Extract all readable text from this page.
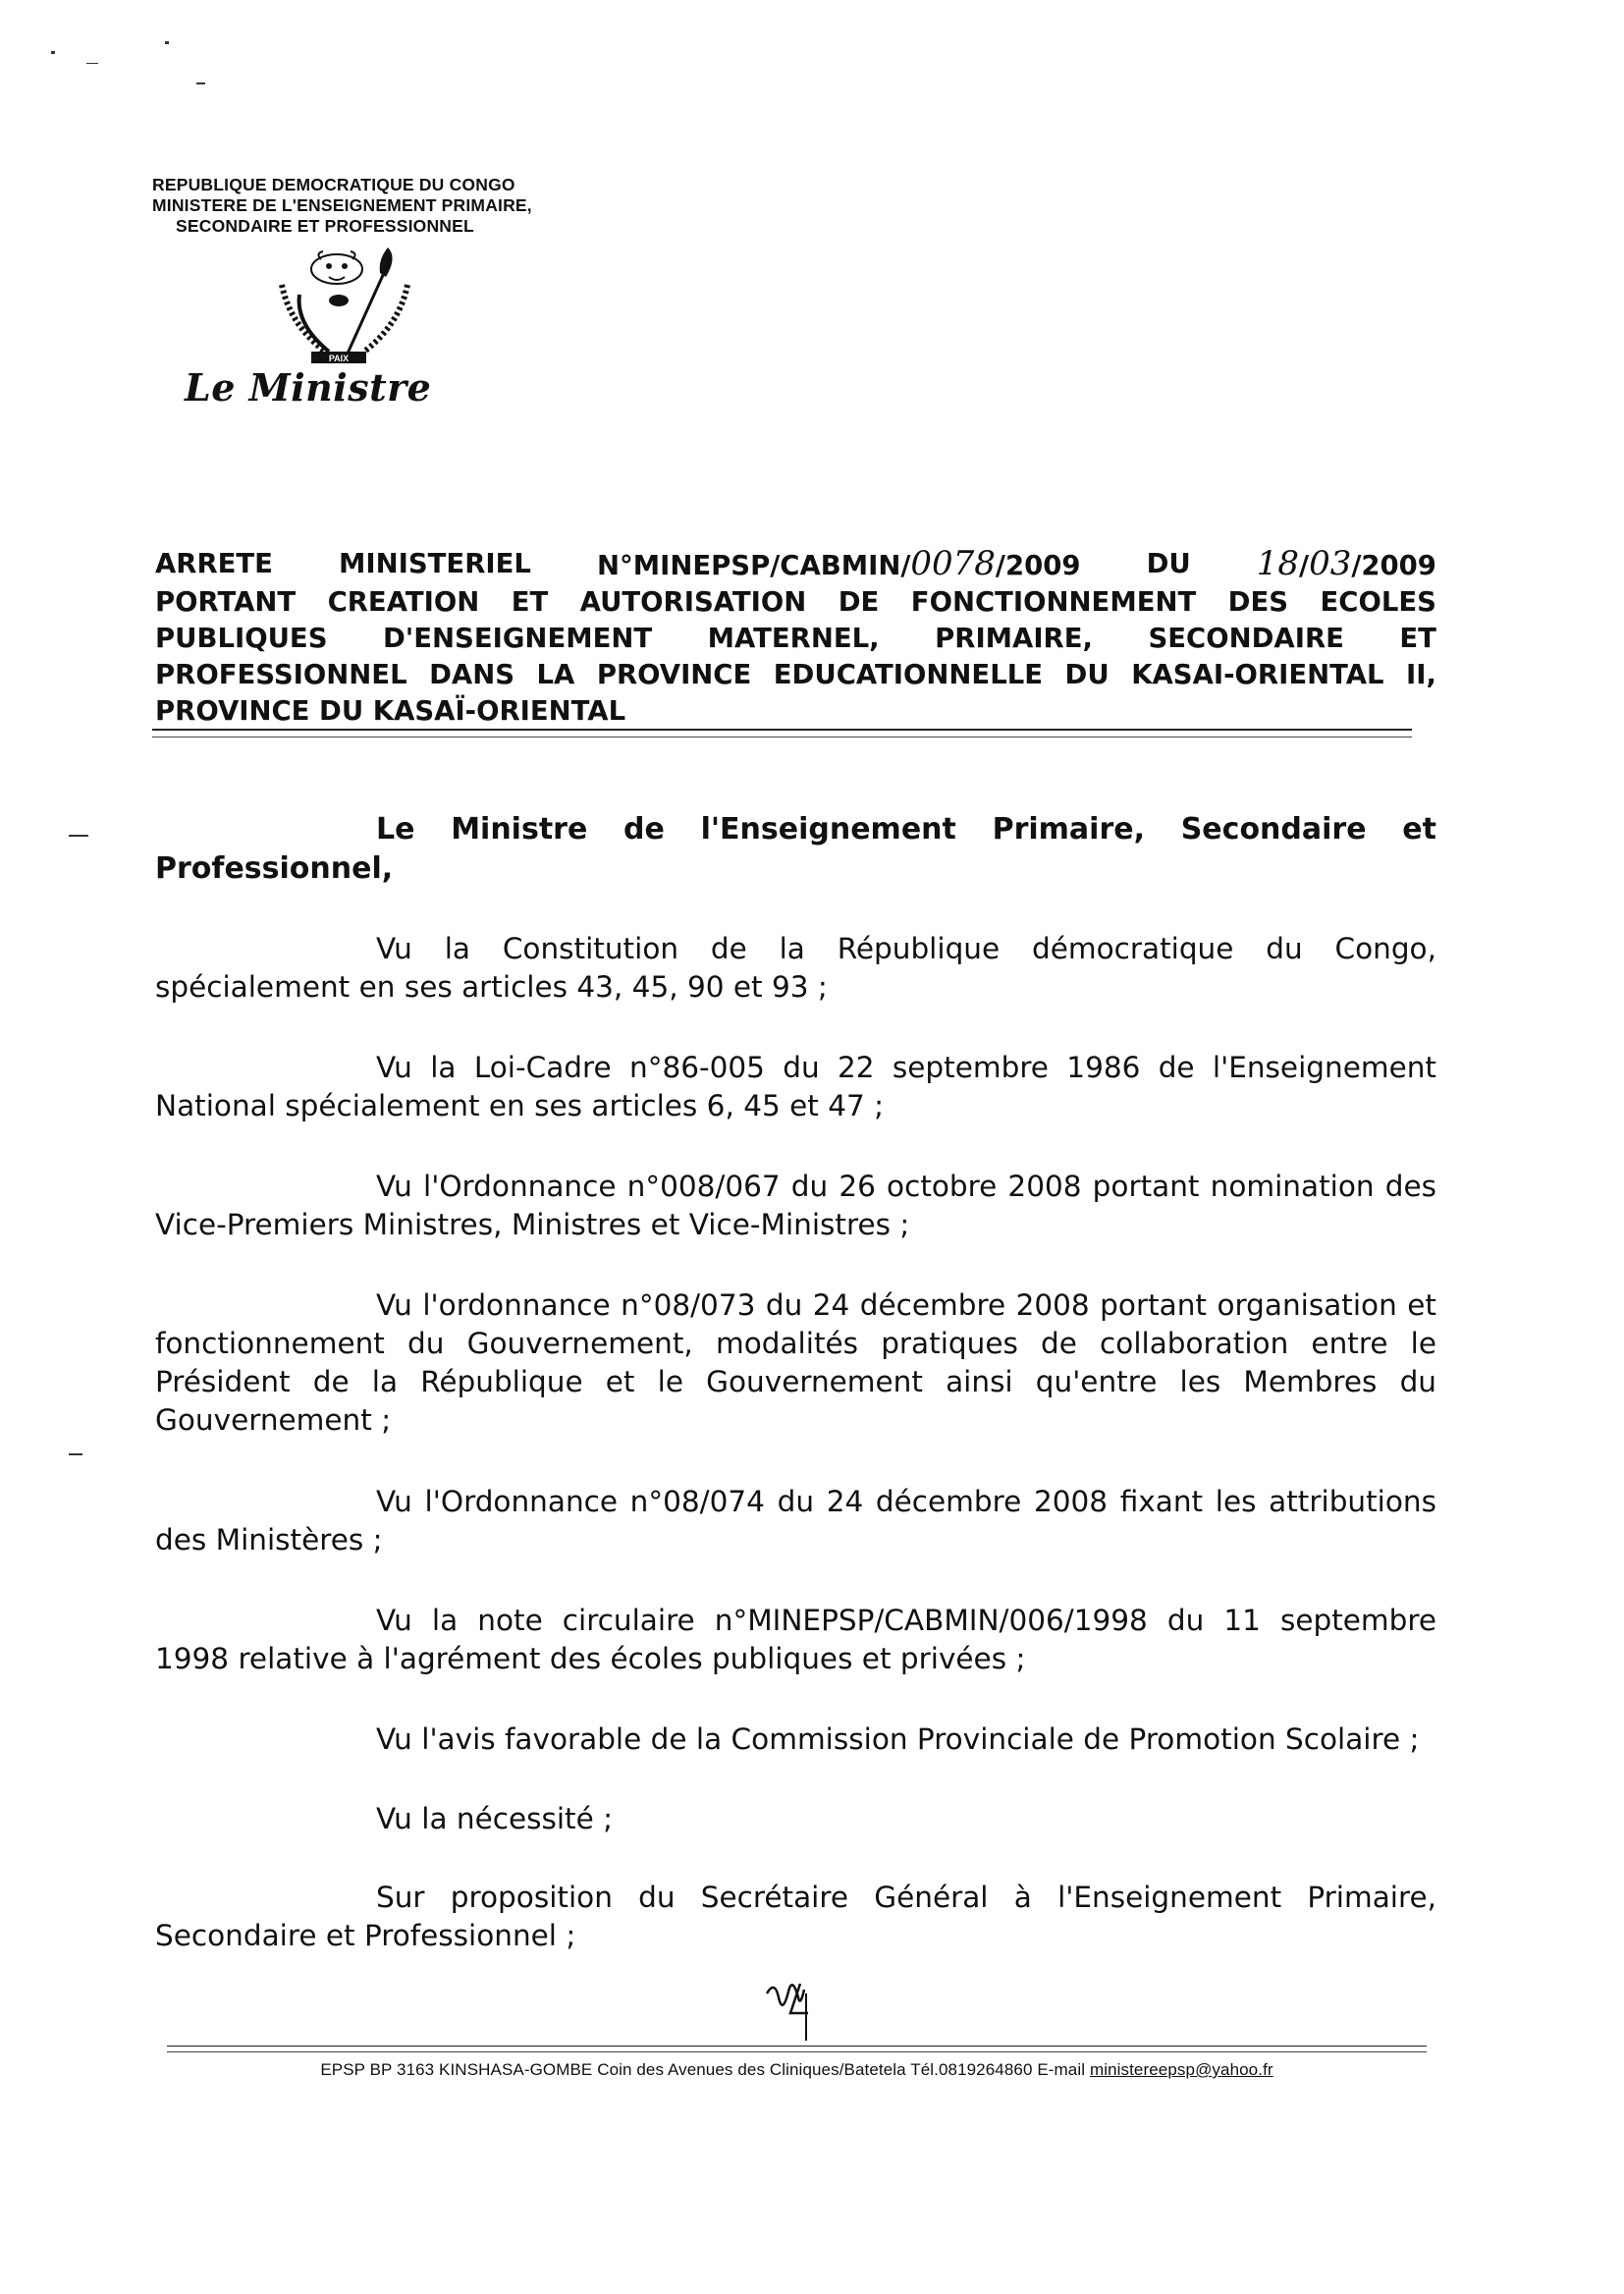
REPUBLIQUE DEMOCRATIQUE DU CONGO
MINISTERE DE L'ENSEIGNEMENT PRIMAIRE,
SECONDAIRE ET PROFESSIONNEL
PAIX
Le Ministre
ARRETE MINISTERIEL N°MINEPSP/CABMIN/0078/2009 DU 18/03/2009
PORTANT CREATION ET AUTORISATION DE FONCTIONNEMENT DES ECOLES
PUBLIQUES D'ENSEIGNEMENT MATERNEL, PRIMAIRE, SECONDAIRE ET
PROFESSIONNEL DANS LA PROVINCE EDUCATIONNELLE DU KASAI-ORIENTAL II,
PROVINCE DU KASAÏ-ORIENTAL
Le Ministre de l'Enseignement Primaire, Secondaire et
Professionnel,
Vu la Constitution de la République démocratique du Congo, spécialement en ses articles 43, 45, 90 et 93 ;
Vu la Loi-Cadre n°86-005 du 22 septembre 1986 de l'Enseignement National spécialement en ses articles 6, 45 et 47 ;
Vu l'Ordonnance n°008/067 du 26 octobre 2008 portant nomination des Vice-Premiers Ministres, Ministres et Vice-Ministres ;
Vu l'ordonnance n°08/073 du 24 décembre 2008 portant organisation et fonctionnement du Gouvernement, modalités pratiques de collaboration entre le Président de la République et le Gouvernement ainsi qu'entre les Membres du Gouvernement ;
Vu l'Ordonnance n°08/074 du 24 décembre 2008 fixant les attributions des Ministères ;
Vu la note circulaire n°MINEPSP/CABMIN/006/1998 du 11 septembre 1998 relative à l'agrément des écoles publiques et privées ;
Vu l'avis favorable de la Commission Provinciale de Promotion Scolaire ;
Vu la nécessité ;
Sur proposition du Secrétaire Général à l'Enseignement Primaire, Secondaire et Professionnel ;
EPSP BP 3163 KINSHASA-GOMBE Coin des Avenues des Cliniques/Batetela Tél.0819264860 E-mail ministereepsp@yahoo.fr
